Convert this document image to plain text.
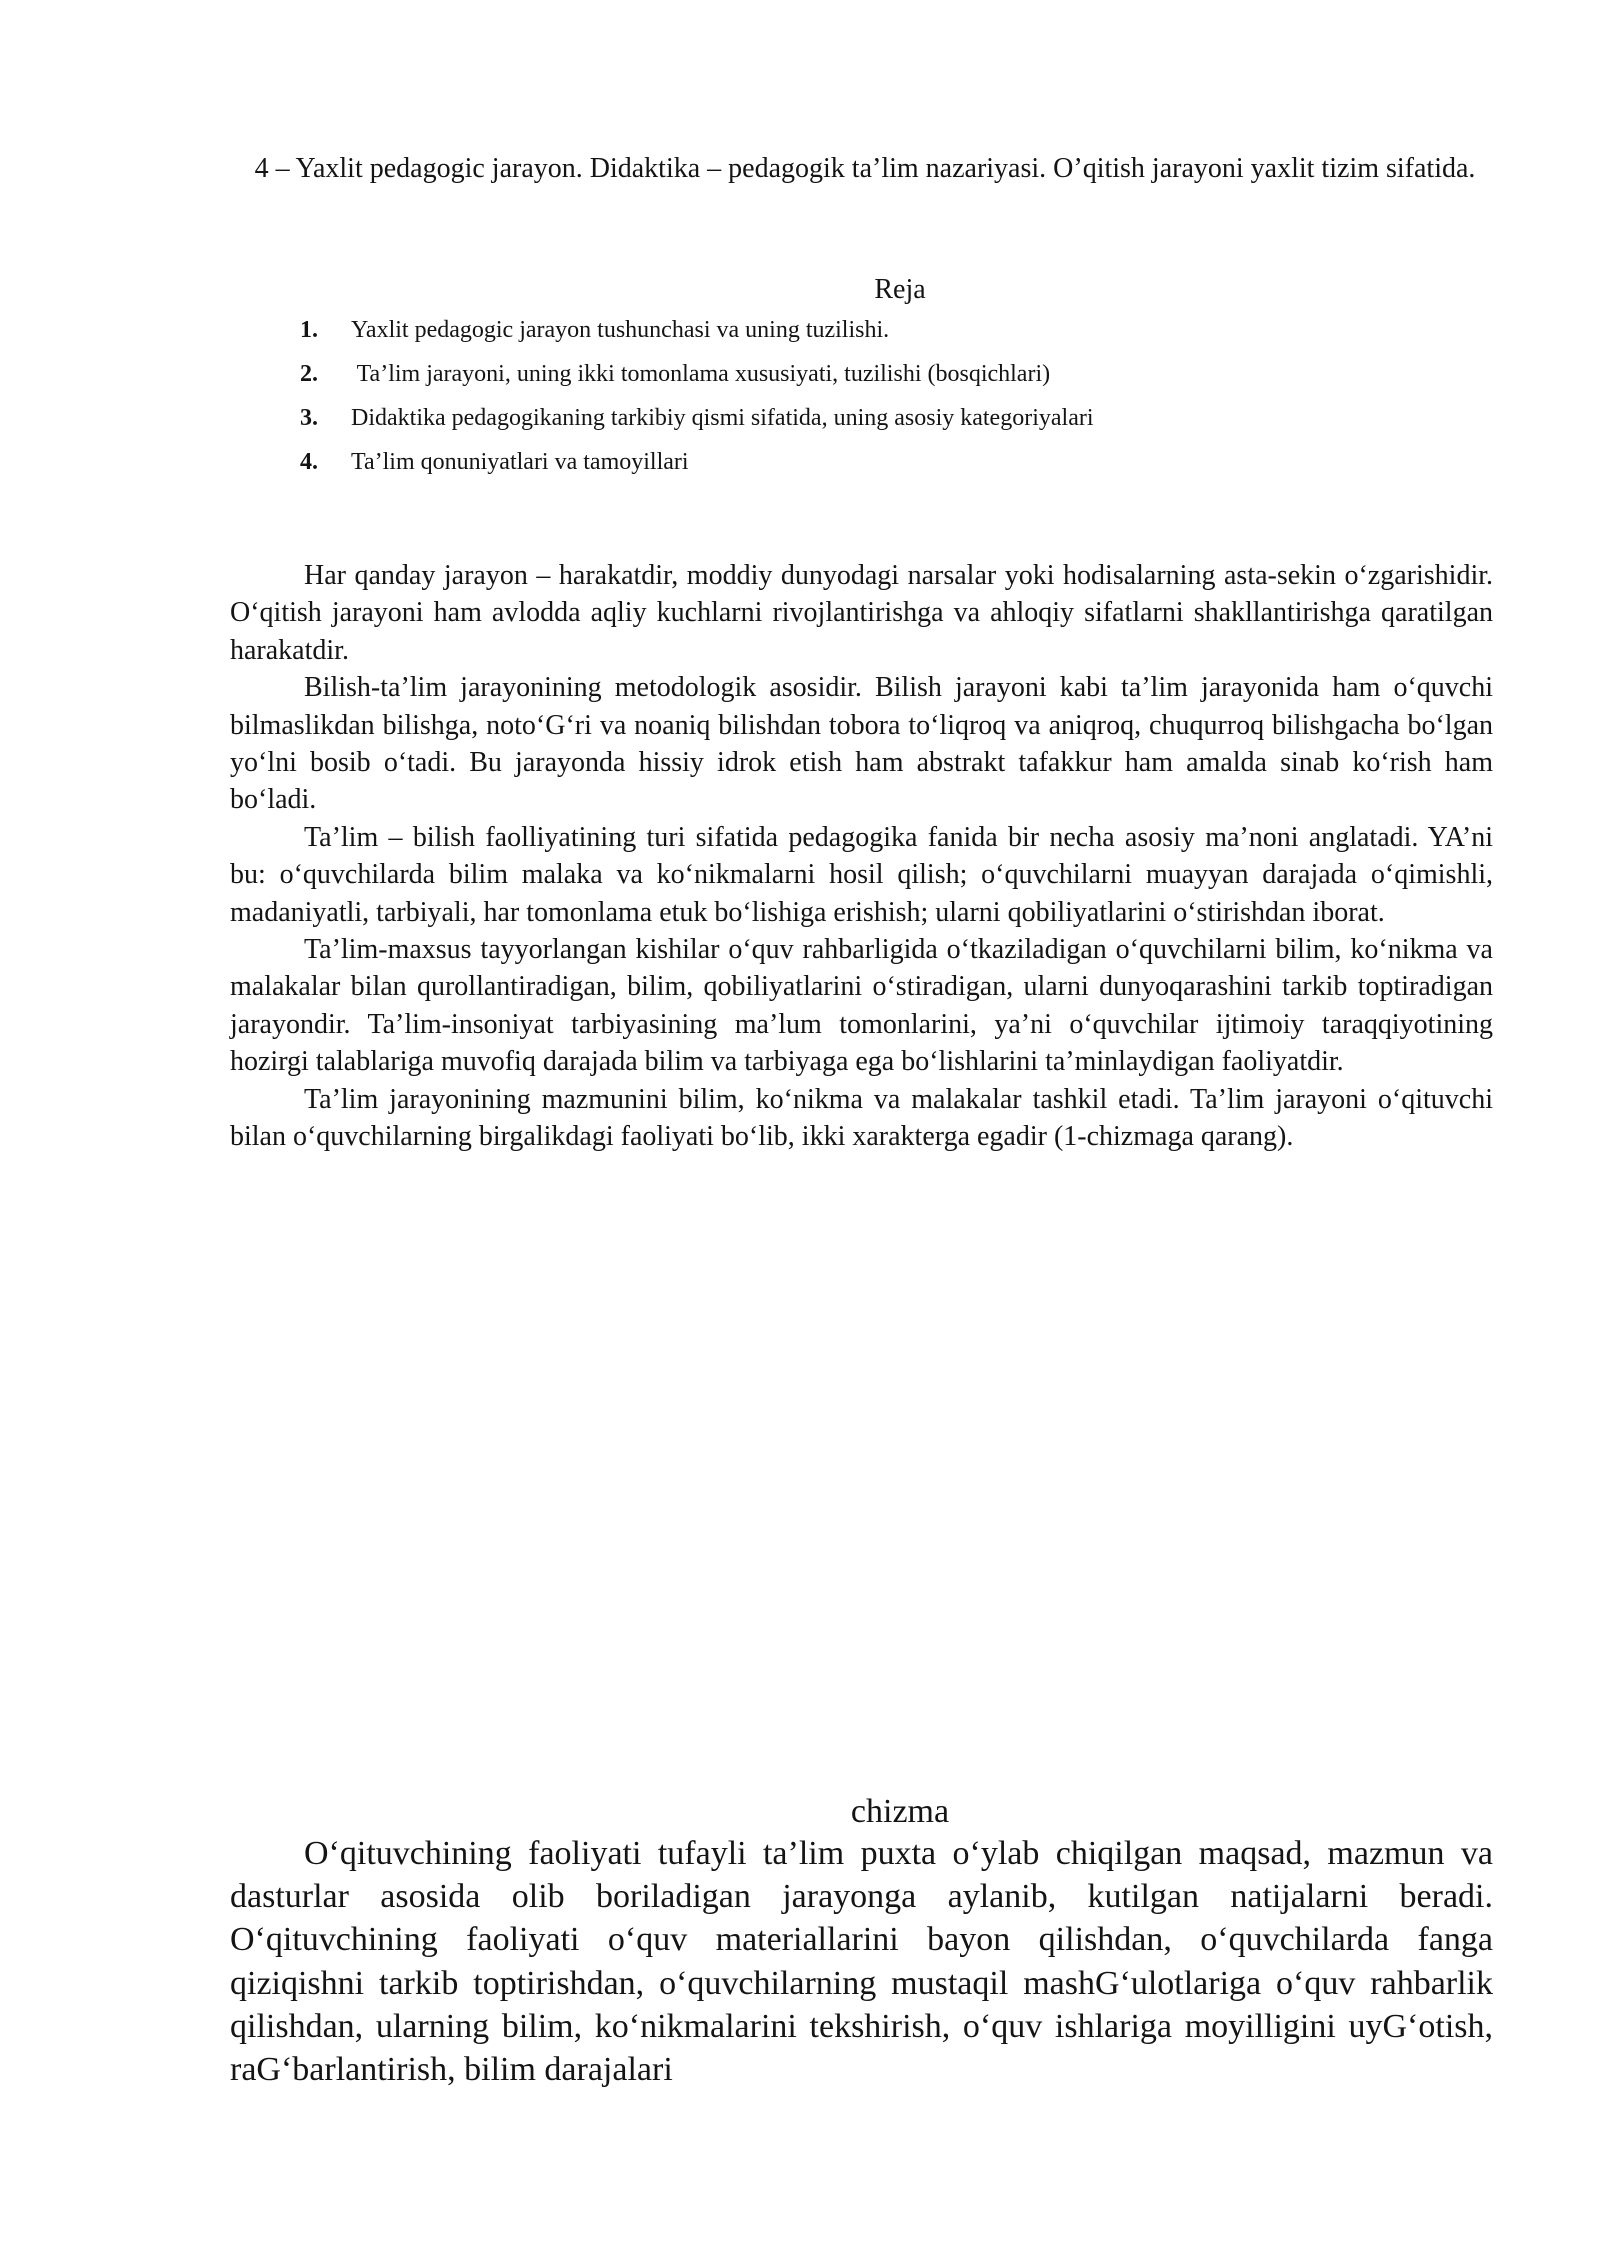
4 – Yaxlit pedagogic jarayon. Didaktika – pedagogik ta’lim nazariyasi. O’qitish jarayoni yaxlit tizim sifatida.
Reja
1. Yaxlit pedagogic jarayon tushunchasi va uning tuzilishi.
2. Ta’lim jarayoni, uning ikki tomonlama xususiyati, tuzilishi (bosqichlari)
3. Didaktika pedagogikaning tarkibiy qismi sifatida, uning asosiy kategoriyalari
4. Ta’lim qonuniyatlari va tamoyillari

Har qanday jarayon – harakatdir, moddiy dunyodagi narsalar yoki hodisalarning asta-sekin o‘zgarishidir. O‘qitish jarayoni ham avlodda aqliy kuchlarni rivojlantirishga va ahloqiy sifatlarni shakllantirishga qaratilgan harakatdir.

Bilish-ta’lim jarayonining metodologik asosidir. Bilish jarayoni kabi ta’lim jarayonida ham o‘quvchi bilmaslikdan bilishga, noto‘G‘ri va noaniq bilishdan tobora to‘liqroq va aniqroq, chuqurroq bilishgacha bo‘lgan yo‘lni bosib o‘tadi. Bu jarayonda hissiy idrok etish ham abstrakt tafakkur ham amalda sinab ko‘rish ham bo‘ladi.

Ta’lim – bilish faolliyatining turi sifatida pedagogika fanida bir necha asosiy ma’noni anglatadi. YA’ni bu: o‘quvchilarda bilim malaka va ko‘nikmalarni hosil qilish; o‘quvchilarni muayyan darajada o‘qimishli, madaniyatli, tarbiyali, har tomonlama etuk bo‘lishiga erishish; ularni qobiliyatlarini o‘stirishdan iborat.

Ta’lim-maxsus tayyorlangan kishilar o‘quv rahbarligida o‘tkaziladigan o‘quvchilarni bilim, ko‘nikma va malakalar bilan qurollantiradigan, bilim, qobiliyatlarini o‘stiradigan, ularni dunyoqarashini tarkib toptiradigan jarayondir. Ta’lim-insoniyat tarbiyasining ma’lum tomonlarini, ya’ni o‘quvchilar ijtimoiy taraqqiyotining hozirgi talablariga muvofiq darajada bilim va tarbiyaga ega bo‘lishlarini ta’minlaydigan faoliyatdir.

Ta’lim jarayonining mazmunini bilim, ko‘nikma va malakalar tashkil etadi. Ta’lim jarayoni o‘qituvchi bilan o‘quvchilarning birgalikdagi faoliyati bo‘lib, ikki xarakterga egadir (1-chizmaga qarang).

chizma

O‘qituvchining faoliyati tufayli ta’lim puxta o‘ylab chiqilgan maqsad, mazmun va dasturlar asosida olib boriladigan jarayonga aylanib, kutilgan natijalarni beradi. O‘qituvchining faoliyati o‘quv materiallarini bayon qilishdan, o‘quvchilarda fanga qiziqishni tarkib toptirishdan, o‘quvchilarning mustaqil mashG‘ulotlariga o‘quv rahbarlik qilishdan, ularning bilim, ko‘nikmalarini tekshirish, o‘quv ishlariga moyilligini uyG‘otish, raG‘barlantirish, bilim darajalari
